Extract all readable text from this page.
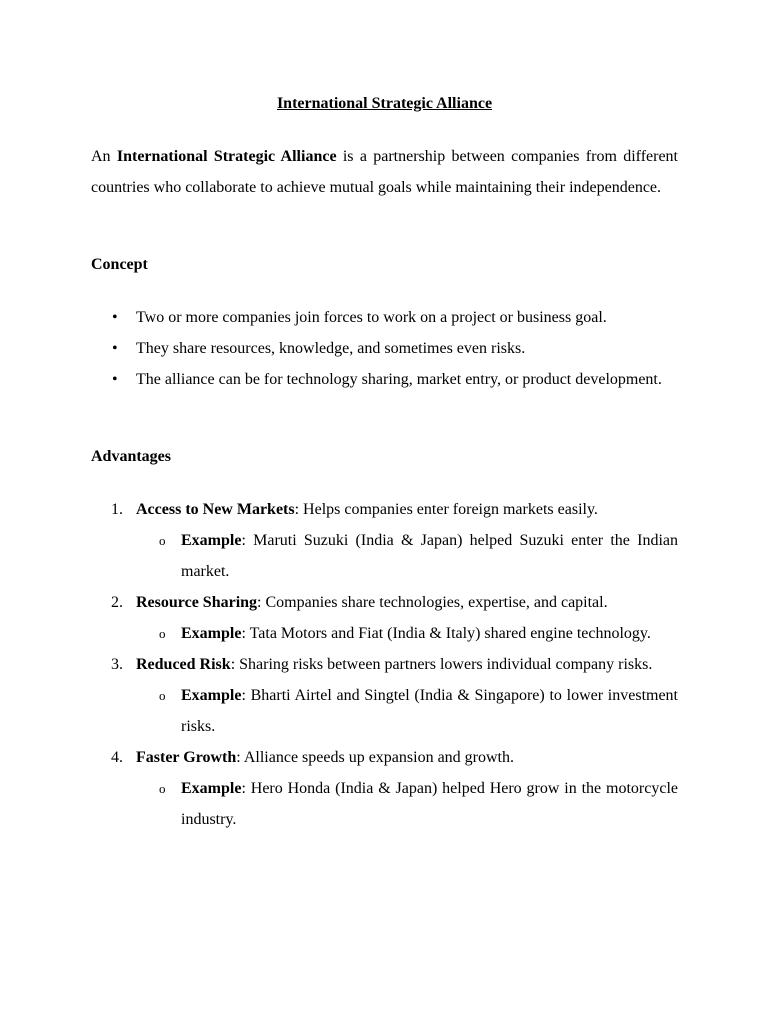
International Strategic Alliance

An International Strategic Alliance is a partnership between companies from different countries who collaborate to achieve mutual goals while maintaining their independence.

Concept
• Two or more companies join forces to work on a project or business goal.
• They share resources, knowledge, and sometimes even risks.
• The alliance can be for technology sharing, market entry, or product development.
Advantages
1. Access to New Markets: Helps companies enter foreign markets easily.
o Example: Maruti Suzuki (India & Japan) helped Suzuki enter the Indian market.
2. Resource Sharing: Companies share technologies, expertise, and capital.
o Example: Tata Motors and Fiat (India & Italy) shared engine technology.
3. Reduced Risk: Sharing risks between partners lowers individual company risks.
o Example: Bharti Airtel and Singtel (India & Singapore) to lower investment risks.
4. Faster Growth: Alliance speeds up expansion and growth.
o Example: Hero Honda (India & Japan) helped Hero grow in the motorcycle industry.
